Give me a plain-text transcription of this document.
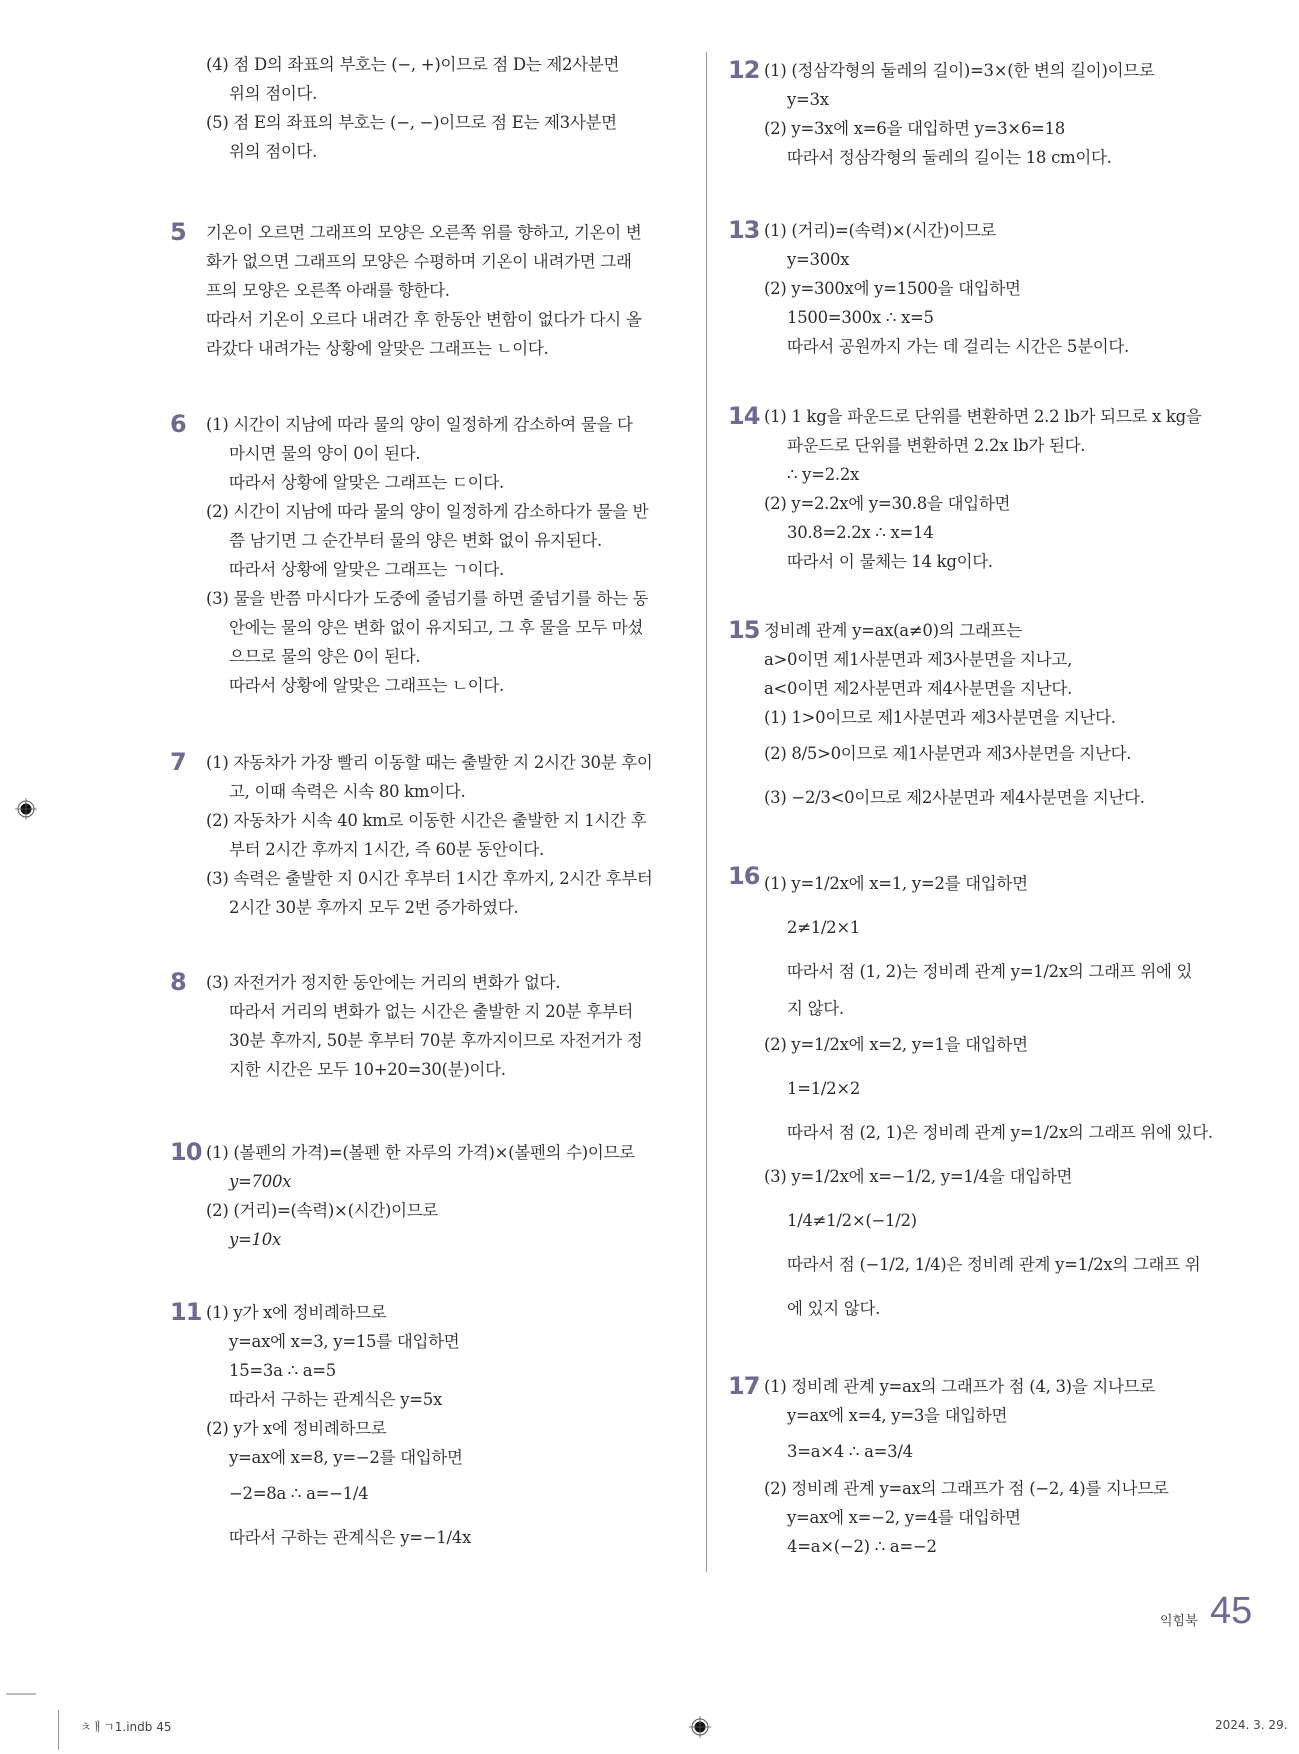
(4) 점 D의 좌표의 부호는 (−, +)이므로 점 D는 제2사분면
위의 점이다.
(5) 점 E의 좌표의 부호는 (−, −)이므로 점 E는 제3사분면
위의 점이다.
5 기온이 오르면 그래프의 모양은 오른쪽 위를 향하고, 기온이 변
화가 없으면 그래프의 모양은 수평하며 기온이 내려가면 그래
프의 모양은 오른쪽 아래를 향한다.
따라서 기온이 오르다 내려간 후 한동안 변함이 없다가 다시 올
라갔다 내려가는 상황에 알맞은 그래프는 ㄴ이다.
6 (1) 시간이 지남에 따라 물의 양이 일정하게 감소하여 물을 다
마시면 물의 양이 0이 된다.
따라서 상황에 알맞은 그래프는 ㄷ이다.
(2) 시간이 지남에 따라 물의 양이 일정하게 감소하다가 물을 반
쯤 남기면 그 순간부터 물의 양은 변화 없이 유지된다.
따라서 상황에 알맞은 그래프는 ㄱ이다.
(3) 물을 반쯤 마시다가 도중에 줄넘기를 하면 줄넘기를 하는 동
안에는 물의 양은 변화 없이 유지되고, 그 후 물을 모두 마셨
으므로 물의 양은 0이 된다.
따라서 상황에 알맞은 그래프는 ㄴ이다.
7 (1) 자동차가 가장 빨리 이동할 때는 출발한 지 2시간 30분 후이
고, 이때 속력은 시속 80 km이다.
(2) 자동차가 시속 40 km로 이동한 시간은 출발한 지 1시간 후
부터 2시간 후까지 1시간, 즉 60분 동안이다.
(3) 속력은 출발한 지 0시간 후부터 1시간 후까지, 2시간 후부터
2시간 30분 후까지 모두 2번 증가하였다.
8 (3) 자전거가 정지한 동안에는 거리의 변화가 없다.
따라서 거리의 변화가 없는 시간은 출발한 지 20분 후부터
30분 후까지, 50분 후부터 70분 후까지이므로 자전거가 정
지한 시간은 모두 10+20=30(분)이다.
10 (1) (볼펜의 가격)=(볼펜 한 자루의 가격)×(볼펜의 수)이므로
y=700x
(2) (거리)=(속력)×(시간)이므로
y=10x
11 (1) y가 x에 정비례하므로
y=ax에 x=3, y=15를 대입하면
15=3a ∴ a=5
따라서 구하는 관계식은 y=5x
(2) y가 x에 정비례하므로
y=ax에 x=8, y=−2를 대입하면
−2=8a ∴ a=−1/4
따라서 구하는 관계식은 y=−1/4x
12 (1) (정삼각형의 둘레의 길이)=3×(한 변의 길이)이므로
y=3x
(2) y=3x에 x=6을 대입하면 y=3×6=18
따라서 정삼각형의 둘레의 길이는 18 cm이다.
13 (1) (거리)=(속력)×(시간)이므로
y=300x
(2) y=300x에 y=1500을 대입하면
1500=300x ∴ x=5
따라서 공원까지 가는 데 걸리는 시간은 5분이다.
14 (1) 1 kg을 파운드로 단위를 변환하면 2.2 lb가 되므로 x kg을
파운드로 단위를 변환하면 2.2x lb가 된다.
∴ y=2.2x
(2) y=2.2x에 y=30.8을 대입하면
30.8=2.2x ∴ x=14
따라서 이 물체는 14 kg이다.
15 정비례 관계 y=ax(a≠0)의 그래프는
a>0이면 제1사분면과 제3사분면을 지나고,
a<0이면 제2사분면과 제4사분면을 지난다.
(1) 1>0이므로 제1사분면과 제3사분면을 지난다.
(2) 8/5>0이므로 제1사분면과 제3사분면을 지난다.
(3) −2/3<0이므로 제2사분면과 제4사분면을 지난다.
16 (1) y=1/2x에 x=1, y=2를 대입하면
2≠1/2×1
따라서 점 (1, 2)는 정비례 관계 y=1/2x의 그래프 위에 있
지 않다.
(2) y=1/2x에 x=2, y=1을 대입하면
1=1/2×2
따라서 점 (2, 1)은 정비례 관계 y=1/2x의 그래프 위에 있다.
(3) y=1/2x에 x=−1/2, y=1/4을 대입하면
1/4≠1/2×(−1/2)
따라서 점 (−1/2, 1/4)은 정비례 관계 y=1/2x의 그래프 위
에 있지 않다.
17 (1) 정비례 관계 y=ax의 그래프가 점 (4, 3)을 지나므로
y=ax에 x=4, y=3을 대입하면
3=a×4 ∴ a=3/4
(2) 정비례 관계 y=ax의 그래프가 점 (−2, 4)를 지나므로
y=ax에 x=−2, y=4를 대입하면
4=a×(−2) ∴ a=−2
익힘북 45
ㅊㅐㄱ1.indb 45	2024. 3. 29.
